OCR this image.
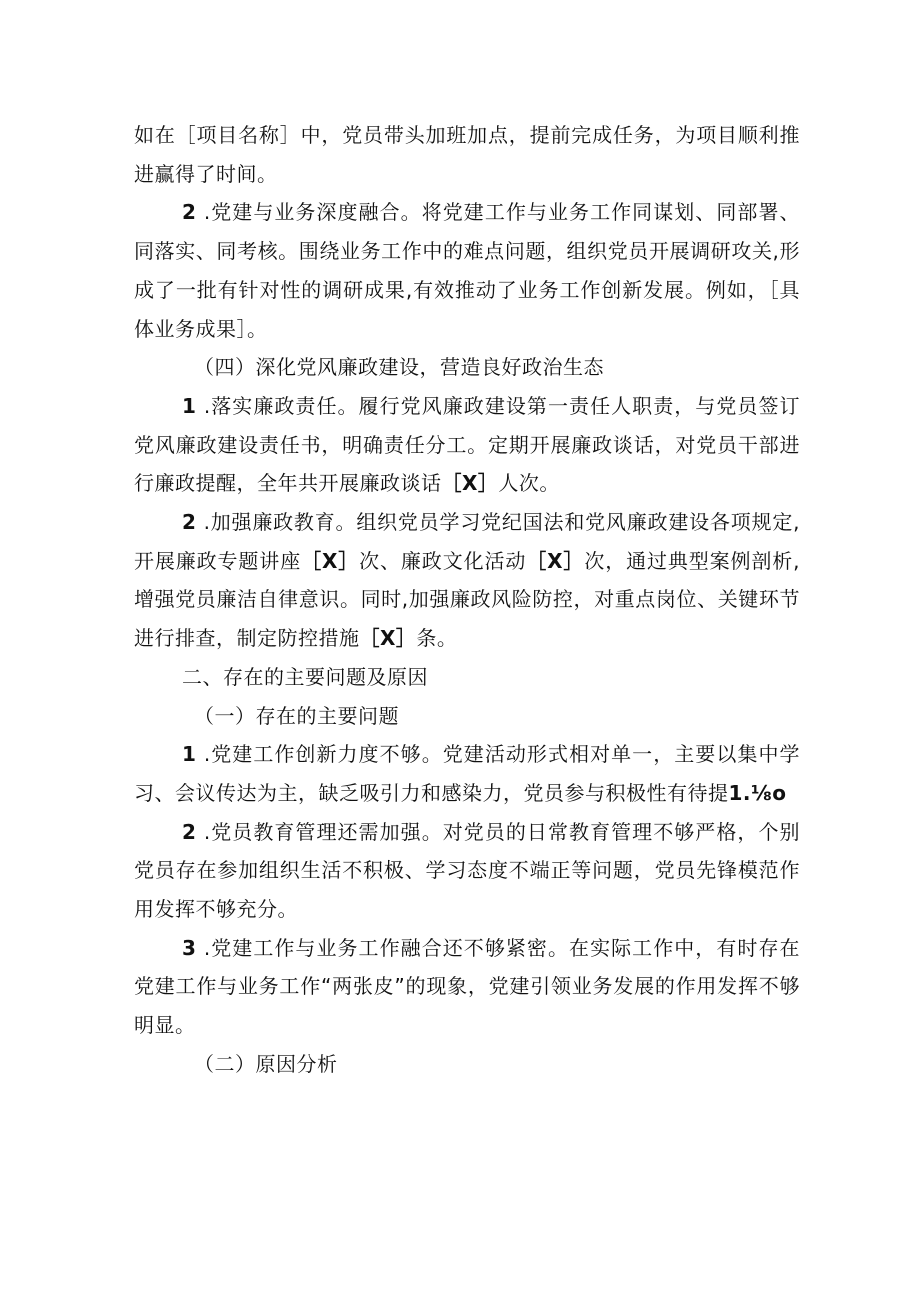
如在［项目名称］中，党员带头加班加点，提前完成任务，为项目顺利推进赢得了时间。

2 .党建与业务深度融合。将党建工作与业务工作同谋划、同部署、同落实、同考核。围绕业务工作中的难点问题，组织党员开展调研攻关,形成了一批有针对性的调研成果,有效推动了业务工作创新发展。例如，［具体业务成果］。

（四）深化党风廉政建设，营造良好政治生态

1 .落实廉政责任。履行党风廉政建设第一责任人职责，与党员签订党风廉政建设责任书，明确责任分工。定期开展廉政谈话，对党员干部进行廉政提醒，全年共开展廉政谈话［X］人次。

2 .加强廉政教育。组织党员学习党纪国法和党风廉政建设各项规定,开展廉政专题讲座［X］次、廉政文化活动［X］次，通过典型案例剖析,增强党员廉洁自律意识。同时,加强廉政风险防控，对重点岗位、关键环节进行排查，制定防控措施［X］条。

二、存在的主要问题及原因

（一）存在的主要问题

1 .党建工作创新力度不够。党建活动形式相对单一，主要以集中学习、会议传达为主，缺乏吸引力和感染力，党员参与积极性有待提1.⅛o

2 .党员教育管理还需加强。对党员的日常教育管理不够严格，个别党员存在参加组织生活不积极、学习态度不端正等问题，党员先锋模范作用发挥不够充分。

3 .党建工作与业务工作融合还不够紧密。在实际工作中，有时存在党建工作与业务工作“两张皮”的现象，党建引领业务发展的作用发挥不够明显。

（二）原因分析
